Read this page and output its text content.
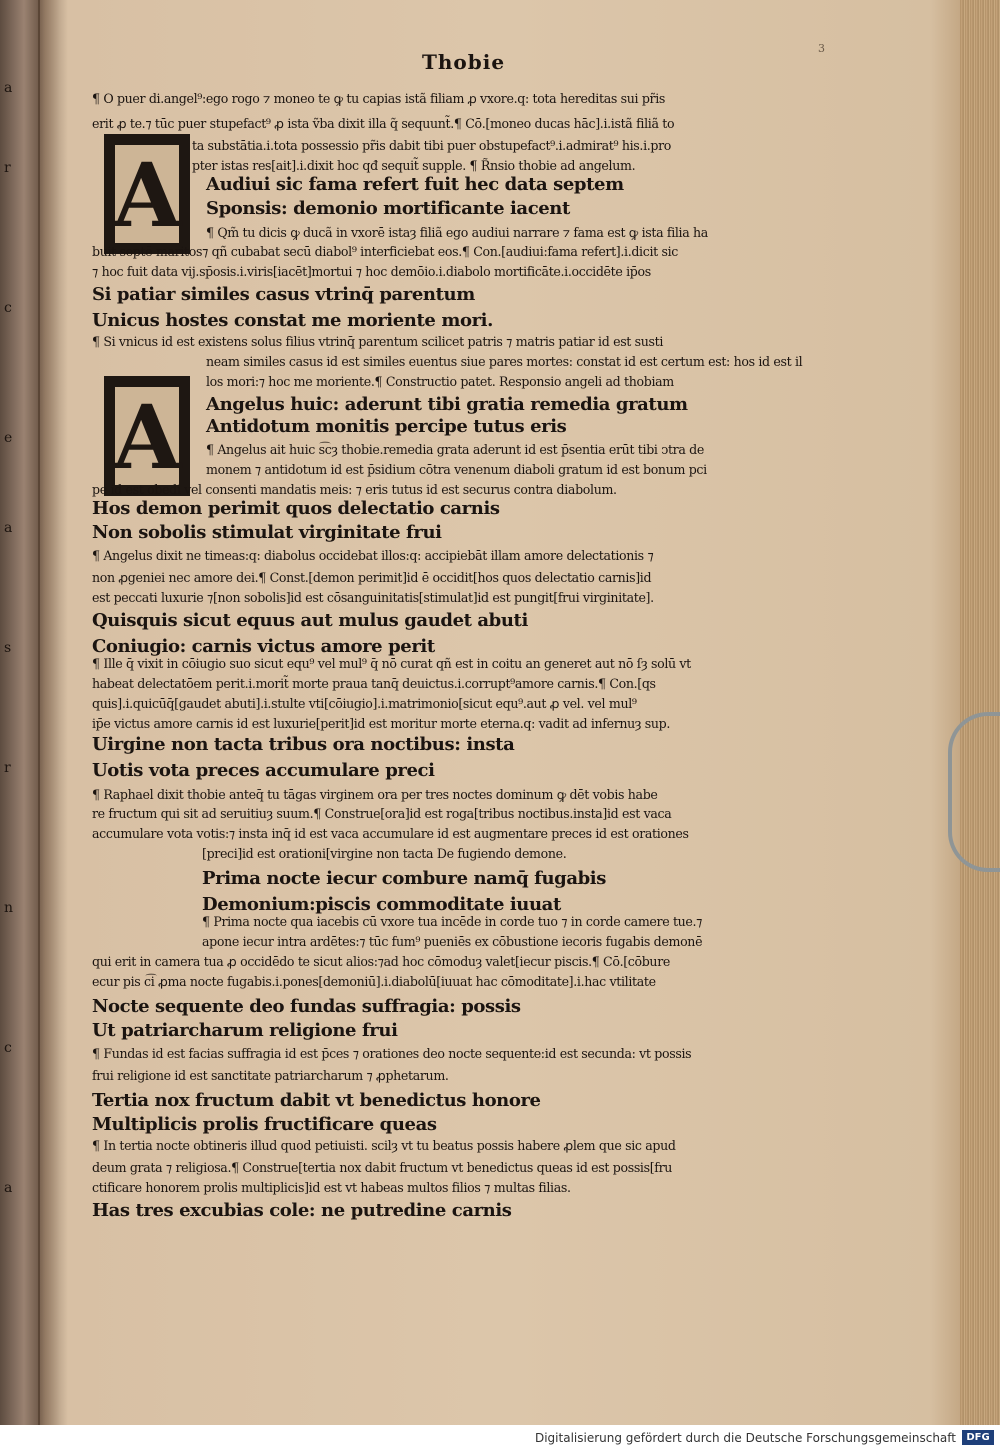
a
r
c
e
a
s
r
n
c
a
Thobie
3
A
A
¶ O puer di.angel⁹:ego rogo ⁊ moneo te ꝙ tu capias istã filiam ꝓ vxore.q: tota hereditas sui pr̃is
erit ꝓ te.⁊ tūc puer stupefact⁹ ꝓ ista ṽba dixit illa q̃ sequunt̃.¶ Cō.[moneo ducas hāc].i.istã filiã to
ta substātia.i.tota possessio pr̃is dabit tibi puer obstupefact⁹.i.admirat⁹ his.i.pro
pter istas res[ait].i.dixit hoc qđ sequit̃ supple. ¶ R̃nsio thobie ad angelum.
Audiui sic fama refert fuit hec data septem
Sponsis: demonio mortificante iacent
¶ Qm̃ tu dicis ꝙ ducã in vxorē istaȝ filiã ego audiui narrare ⁊ fama est ꝙ ista filia ha
buit septē maritos⁊ qñ cubabat secū diabol⁹ interficiebat eos.¶ Con.[audiui:fama refert].i.dicit sic
⁊ hoc fuit data vij.sp̄osis.i.viris[iacēt]mortui ⁊ hoc demōio.i.diabolo mortificāte.i.occidēte ip̄os
Si patiar similes casus vtrinq̄ parentum
Unicus hostes constat me moriente mori.
¶ Si vnicus id est existens solus filius vtrinq̄ parentum scilicet patris ⁊ matris patiar id est susti
neam similes casus id est similes euentus siue pares mortes: constat id est certum est: hos id est il
los mori:⁊ hoc me moriente.¶ Constructio patet. Responsio angeli ad thobiam
Angelus huic: aderunt tibi gratia remedia gratum
Antidotum monitis percipe tutus eris
¶ Angelus ait huic s͡cȝ thobie.remedia grata aderunt id est p̄sentia erūt tibi ↄtra de
monem ⁊ antidotum id est p̄sidium cōtra venenum diaboli gratum id est bonum pci
pe id est obedi vel consenti mandatis meis: ⁊ eris tutus id est securus contra diabolum.
Hos demon perimit quos delectatio carnis
Non sobolis stimulat virginitate frui
¶ Angelus dixit ne timeas:q: diabolus occidebat illos:q: accipiebāt illam amore delectationis ⁊
non ꝓgeniei nec amore dei.¶ Const.[demon perimit]id ē occidit[hos quos delectatio carnis]id
est peccati luxurie ⁊[non sobolis]id est cōsanguinitatis[stimulat]id est pungit[frui virginitate].
Quisquis sicut equus aut mulus gaudet abuti
Coniugio: carnis victus amore perit
¶ Ille q̄ vixit in cōiugio suo sicut equ⁹ vel mul⁹ q̄ nō curat qñ est in coitu an generet aut nō ſȝ solū vt
habeat delectatōem perit.i.morit̃ morte praua tanq̄ deuictus.i.corrupt⁹amore carnis.¶ Con.[qs
quis].i.quicūq̄[gaudet abuti].i.stulte vti[cōiugio].i.matrimonio[sicut equ⁹.aut ꝓ vel. vel mul⁹
ip̄e victus amore carnis id est luxurie[perit]id est moritur morte eterna.q: vadit ad infernuȝ sup.
Uirgine non tacta tribus ora noctibus: insta
Uotis vota preces accumulare preci
¶ Raphael dixit thobie anteq̄ tu tāgas virginem ora per tres noctes dominum ꝙ dēt vobis habe
re fructum qui sit ad seruitiuȝ suum.¶ Construe[ora]id est roga[tribus noctibus.insta]id est vaca
accumulare vota votis:⁊ insta inq̄ id est vaca accumulare id est augmentare preces id est orationes
[preci]id est orationi[virgine non tacta De fugiendo demone.
Prima nocte iecur combure namq̄ fugabis
Demonium:piscis commoditate iuuat
¶ Prima nocte qua iacebis cū vxore tua incēde in corde tuo ⁊ in corde camere tue.⁊
apone iecur intra ardētes:⁊ tūc fum⁹ pueniēs ex cōbustione iecoris fugabis demonē
qui erit in camera tua ꝓ occidēdo te sicut alios:⁊ad hoc cōmoduȝ valet[iecur piscis.¶ Cō.[cōbure
ecur pis c͡i ꝓma nocte fugabis.i.pones[demoniū].i.diabolū[iuuat hac cōmoditate].i.hac vtilitate
Nocte sequente deo fundas suffragia: possis
Ut patriarcharum religione frui
¶ Fundas id est facias suffragia id est p̄ces ⁊ orationes deo nocte sequente:id est secunda: vt possis
frui religione id est sanctitate patriarcharum ⁊ ꝓphetarum.
Tertia nox fructum dabit vt benedictus honore
Multiplicis prolis fructificare queas
¶ In tertia nocte obtineris illud quod petiuisti. scilȝ vt tu beatus possis habere ꝓlem que sic apud
deum grata ⁊ religiosa.¶ Construe[tertia nox dabit fructum vt benedictus queas id est possis[fru
ctificare honorem prolis multiplicis]id est vt habeas multos filios ⁊ multas filias.
Has tres excubias cole: ne putredine carnis
Digitalisierung gefördert durch die Deutsche Forschungsgemeinschaft	DFG
